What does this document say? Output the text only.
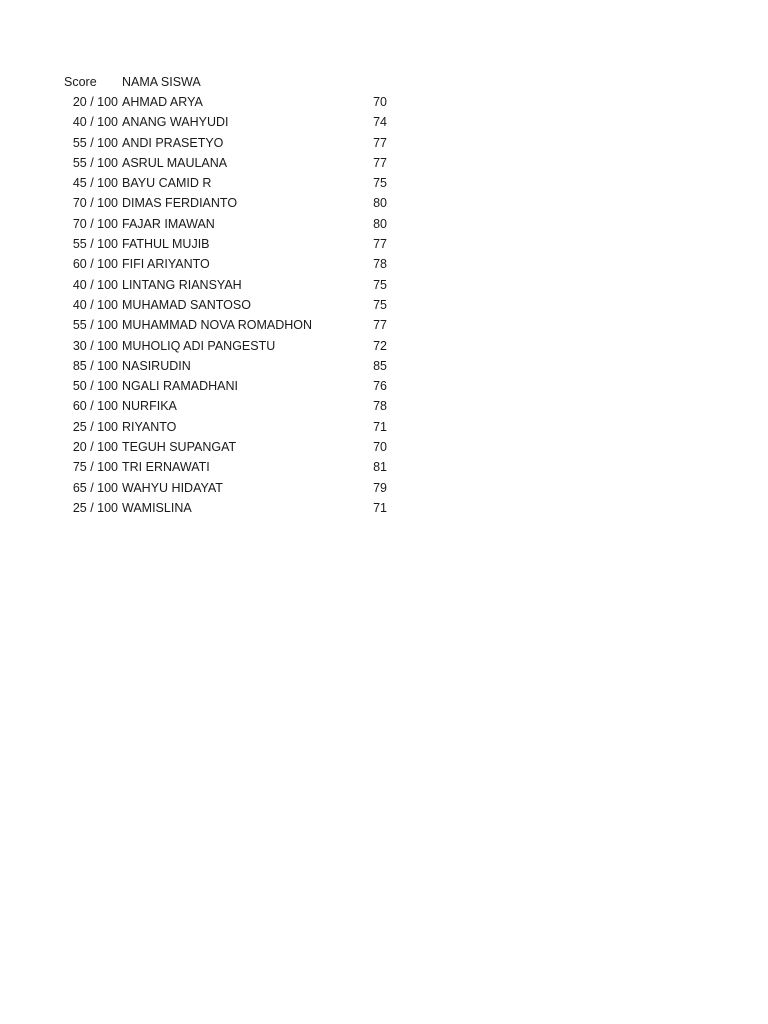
Score NAMA SISWA
20 / 100 AHMAD ARYA	70
40 / 100 ANANG WAHYUDI	74
55 / 100 ANDI PRASETYO	77
55 / 100 ASRUL MAULANA	77
45 / 100 BAYU CAMID R	75
70 / 100 DIMAS FERDIANTO	80
70 / 100 FAJAR IMAWAN	80
55 / 100 FATHUL MUJIB	77
60 / 100 FIFI ARIYANTO	78
40 / 100 LINTANG RIANSYAH	75
40 / 100 MUHAMAD SANTOSO	75
55 / 100 MUHAMMAD NOVA ROMADHON	77
30 / 100 MUHOLIQ ADI PANGESTU	72
85 / 100 NASIRUDIN	85
50 / 100 NGALI RAMADHANI	76
60 / 100 NURFIKA	78
25 / 100 RIYANTO	71
20 / 100 TEGUH SUPANGAT	70
75 / 100 TRI ERNAWATI	81
65 / 100 WAHYU HIDAYAT	79
25 / 100 WAMISLINA	71
